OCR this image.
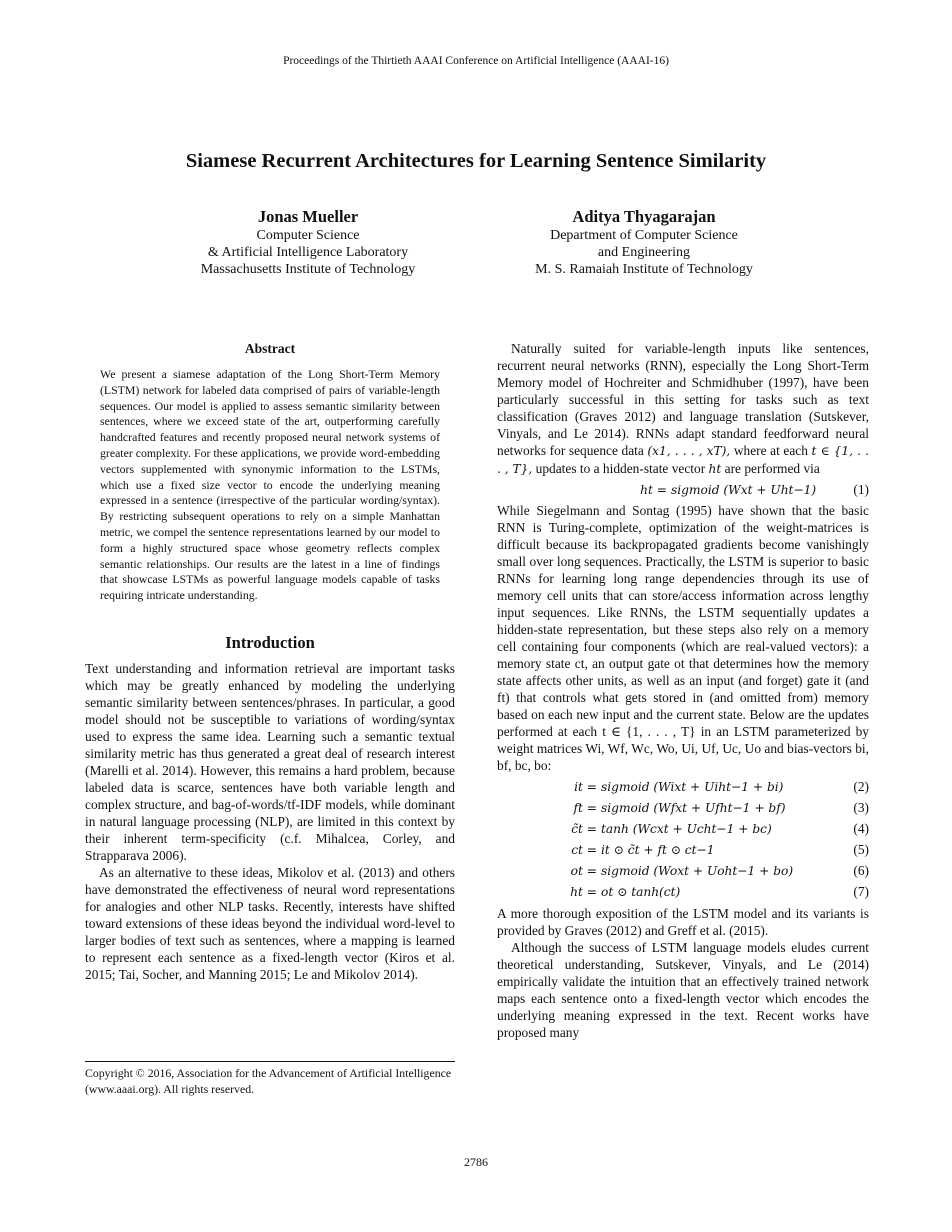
Proceedings of the Thirtieth AAAI Conference on Artificial Intelligence (AAAI-16)
Siamese Recurrent Architectures for Learning Sentence Similarity
Jonas Mueller
Computer Science
& Artificial Intelligence Laboratory
Massachusetts Institute of Technology
Aditya Thyagarajan
Department of Computer Science
and Engineering
M. S. Ramaiah Institute of Technology
Abstract

We present a siamese adaptation of the Long Short-Term Memory (LSTM) network for labeled data comprised of pairs of variable-length sequences. Our model is applied to assess semantic similarity between sentences, where we exceed state of the art, outperforming carefully handcrafted features and recently proposed neural network systems of greater complexity. For these applications, we provide word-embedding vectors supplemented with synonymic information to the LSTMs, which use a fixed size vector to encode the underlying meaning expressed in a sentence (irrespective of the particular wording/syntax). By restricting subsequent operations to rely on a simple Manhattan metric, we compel the sentence representations learned by our model to form a highly structured space whose geometry reflects complex semantic relationships. Our results are the latest in a line of findings that showcase LSTMs as powerful language models capable of tasks requiring intricate understanding.

Introduction

Text understanding and information retrieval are important tasks which may be greatly enhanced by modeling the underlying semantic similarity between sentences/phrases. In particular, a good model should not be susceptible to variations of wording/syntax used to express the same idea. Learning such a semantic textual similarity metric has thus generated a great deal of research interest (Marelli et al. 2014). However, this remains a hard problem, because labeled data is scarce, sentences have both variable length and complex structure, and bag-of-words/tf-IDF models, while dominant in natural language processing (NLP), are limited in this context by their inherent term-specificity (c.f. Mihalcea, Corley, and Strapparava 2006).

As an alternative to these ideas, Mikolov et al. (2013) and others have demonstrated the effectiveness of neural word representations for analogies and other NLP tasks. Recently, interests have shifted toward extensions of these ideas beyond the individual word-level to larger bodies of text such as sentences, where a mapping is learned to represent each sentence as a fixed-length vector (Kiros et al. 2015; Tai, Socher, and Manning 2015; Le and Mikolov 2014).

Copyright © 2016, Association for the Advancement of Artificial Intelligence (www.aaai.org). All rights reserved.

Naturally suited for variable-length inputs like sentences, recurrent neural networks (RNN), especially the Long Short-Term Memory model of Hochreiter and Schmidhuber (1997), have been particularly successful in this setting for tasks such as text classification (Graves 2012) and language translation (Sutskever, Vinyals, and Le 2014). RNNs adapt standard feedforward neural networks for sequence data (x1, . . . , xT), where at each t ∈ {1, . . . , T}, updates to a hidden-state vector ht are performed via

ht = sigmoid (Wxt + Uht−1)	(1)

While Siegelmann and Sontag (1995) have shown that the basic RNN is Turing-complete, optimization of the weight-matrices is difficult because its backpropagated gradients become vanishingly small over long sequences. Practically, the LSTM is superior to basic RNNs for learning long range dependencies through its use of memory cell units that can store/access information across lengthy input sequences. Like RNNs, the LSTM sequentially updates a hidden-state representation, but these steps also rely on a memory cell containing four components (which are real-valued vectors): a memory state ct, an output gate ot that determines how the memory state affects other units, as well as an input (and forget) gate it (and ft) that controls what gets stored in (and omitted from) memory based on each new input and the current state. Below are the updates performed at each t ∈ {1, . . . , T} in an LSTM parameterized by weight matrices Wi, Wf, Wc, Wo, Ui, Uf, Uc, Uo and bias-vectors bi, bf, bc, bo:

it = sigmoid (Wixt + Uiht−1 + bi)	(2)
ft = sigmoid (Wfxt + Ufht−1 + bf)	(3)
c̃t = tanh (Wcxt + Ucht−1 + bc)	(4)
ct = it ⊙ c̃t + ft ⊙ ct−1	(5)
ot = sigmoid (Woxt + Uoht−1 + bo)	(6)
ht = ot ⊙ tanh(ct)	(7)

A more thorough exposition of the LSTM model and its variants is provided by Graves (2012) and Greff et al. (2015).

Although the success of LSTM language models eludes current theoretical understanding, Sutskever, Vinyals, and Le (2014) empirically validate the intuition that an effectively trained network maps each sentence onto a fixed-length vector which encodes the underlying meaning expressed in the text. Recent works have proposed many

2786
